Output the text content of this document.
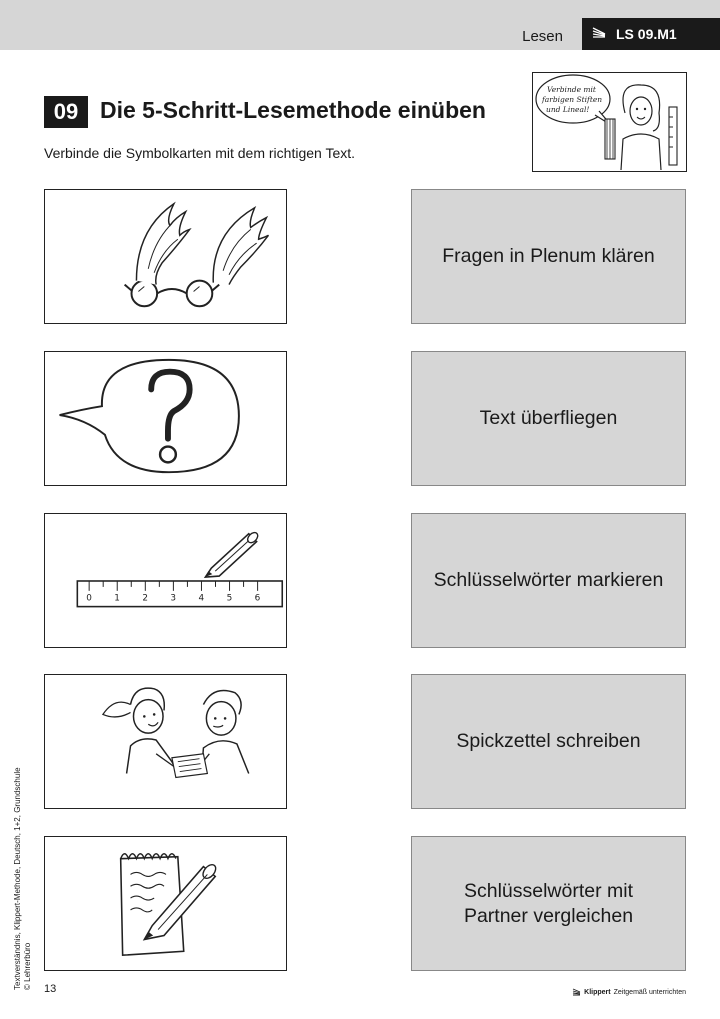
Lesen	LS 09.M1
09 Die 5-Schritt-Lesemethode einüben
Verbinde die Symbolkarten mit dem richtigen Text.
Verbinde mit farbigen Stiften und Lineal!
0 1 2 3 4 5 6
Fragen in Plenum klären
Text überfliegen
Schlüsselwörter markieren
Spickzettel schreiben
Schlüsselwörter mit
Partner vergleichen
Textverständnis, Klippert-Methode, Deutsch, 1+2, Grundschule
© Lehrerbüro
13	Klippert Zeitgemäß unterrichten
